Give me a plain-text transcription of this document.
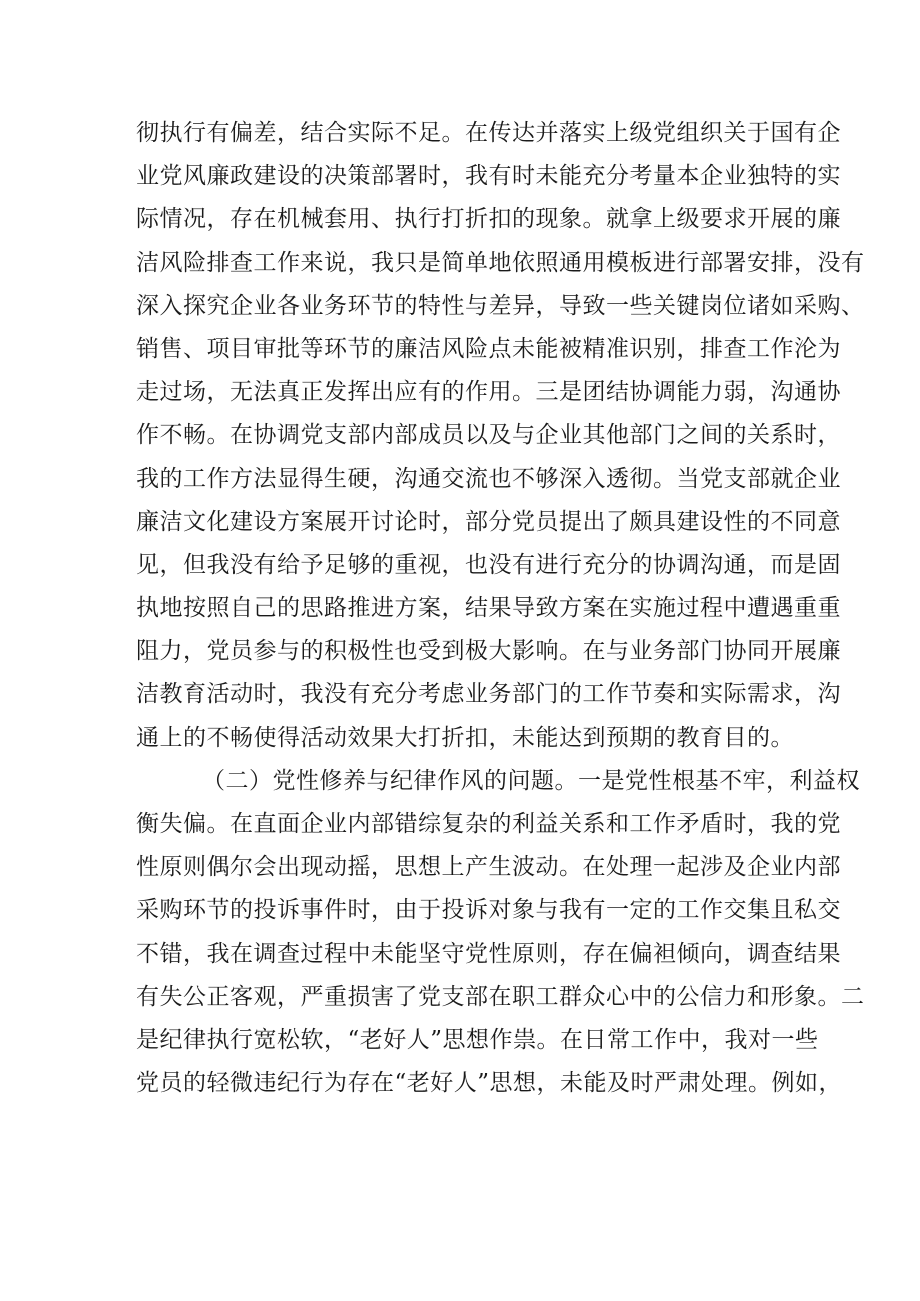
彻执行有偏差，结合实际不足。在传达并落实上级党组织关于国有企
业党风廉政建设的决策部署时，我有时未能充分考量本企业独特的实
际情况，存在机械套用、执行打折扣的现象。就拿上级要求开展的廉
洁风险排查工作来说，我只是简单地依照通用模板进行部署安排，没有
深入探究企业各业务环节的特性与差异，导致一些关键岗位诸如采购、
销售、项目审批等环节的廉洁风险点未能被精准识别，排查工作沦为
走过场，无法真正发挥出应有的作用。三是团结协调能力弱，沟通协
作不畅。在协调党支部内部成员以及与企业其他部门之间的关系时，
我的工作方法显得生硬，沟通交流也不够深入透彻。当党支部就企业
廉洁文化建设方案展开讨论时，部分党员提出了颇具建设性的不同意
见，但我没有给予足够的重视，也没有进行充分的协调沟通，而是固
执地按照自己的思路推进方案，结果导致方案在实施过程中遭遇重重
阻力，党员参与的积极性也受到极大影响。在与业务部门协同开展廉
洁教育活动时，我没有充分考虑业务部门的工作节奏和实际需求，沟
通上的不畅使得活动效果大打折扣，未能达到预期的教育目的。
（二）党性修养与纪律作风的问题。一是党性根基不牢，利益权
衡失偏。在直面企业内部错综复杂的利益关系和工作矛盾时，我的党
性原则偶尔会出现动摇，思想上产生波动。在处理一起涉及企业内部
采购环节的投诉事件时，由于投诉对象与我有一定的工作交集且私交
不错，我在调查过程中未能坚守党性原则，存在偏袒倾向，调查结果
有失公正客观，严重损害了党支部在职工群众心中的公信力和形象。二
是纪律执行宽松软，“老好人”思想作祟。在日常工作中，我对一些
党员的轻微违纪行为存在“老好人”思想，未能及时严肃处理。例如，
